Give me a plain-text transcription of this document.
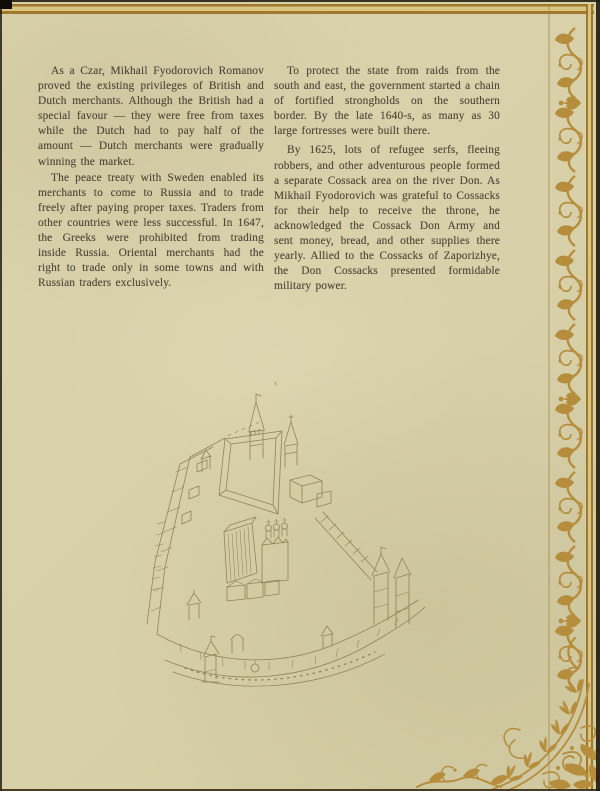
As a Czar, Mikhail Fyodorovich Romanov proved the existing privileges of British and Dutch merchants. Although the British had a special favour — they were free from taxes while the Dutch had to pay half of the amount — Dutch merchants were gradually winning the market.

The peace treaty with Sweden enabled its merchants to come to Russia and to trade freely after paying proper taxes. Traders from other countries were less successful. In 1647, the Greeks were prohibited from trading inside Russia. Oriental merchants had the right to trade only in some towns and with Russian traders exclusively.

To protect the state from raids from the south and east, the government started a chain of fortified strongholds on the southern border. By the late 1640-s, as many as 30 large fortresses were built there.

By 1625, lots of refugee serfs, fleeing robbers, and other adventurous people formed a separate Cossack area on the river Don. As Mikhail Fyodorovich was grateful to Cossacks for their help to receive the throne, he acknowledged the Cossack Don Army and sent money, bread, and other supplies there yearly. Allied to the Cossacks of Zaporizhye, the Don Cossacks presented formidable military power.
